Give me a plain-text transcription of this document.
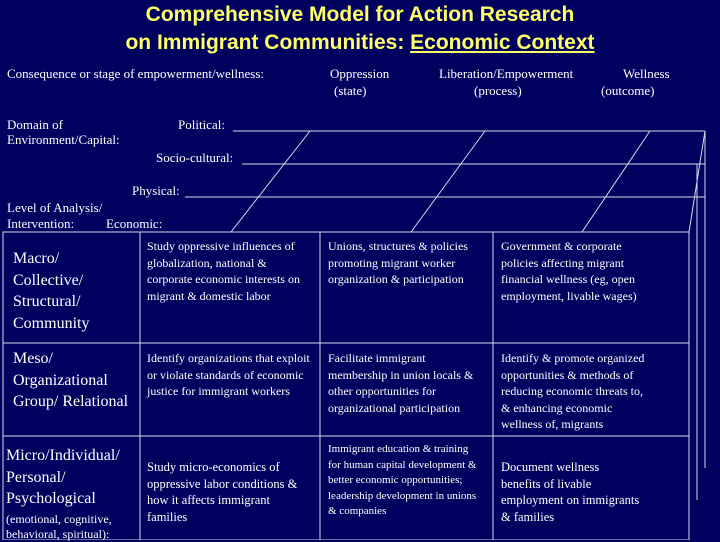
Comprehensive Model for Action Research
on Immigrant Communities: Economic Context
Consequence or stage of empowerment/wellness:	Oppression
(state)
Liberation/Empowerment
(process)
Wellness
(outcome)
Domain of
Environment/Capital:
Political:
Socio-cultural:
Physical:
Level of Analysis/
Intervention: Economic:
Macro/ Collective/ Structural/ Community
Study oppressive influences of globalization, national & corporate economic interests on migrant & domestic labor
Unions, structures & policies promoting migrant worker organization & participation
Government & corporate policies affecting migrant financial wellness (eg, open employment, livable wages)
Meso/ Organizational Group/ Relational
Identify organizations that exploit or violate standards of economic justice for immigrant workers
Facilitate immigrant membership in union locals & other opportunities for organizational participation
Identify & promote organized opportunities & methods of reducing economic threats to, & enhancing economic wellness of, migrants
Micro/Individual/ Personal/ Psychological
(emotional, cognitive, behavioral, spiritual):
Study micro-economics of oppressive labor conditions & how it affects immigrant families
Immigrant education & training for human capital development & better economic opportunities; leadership development in unions & companies
Document wellness benefits of livable employment on immigrants & families
